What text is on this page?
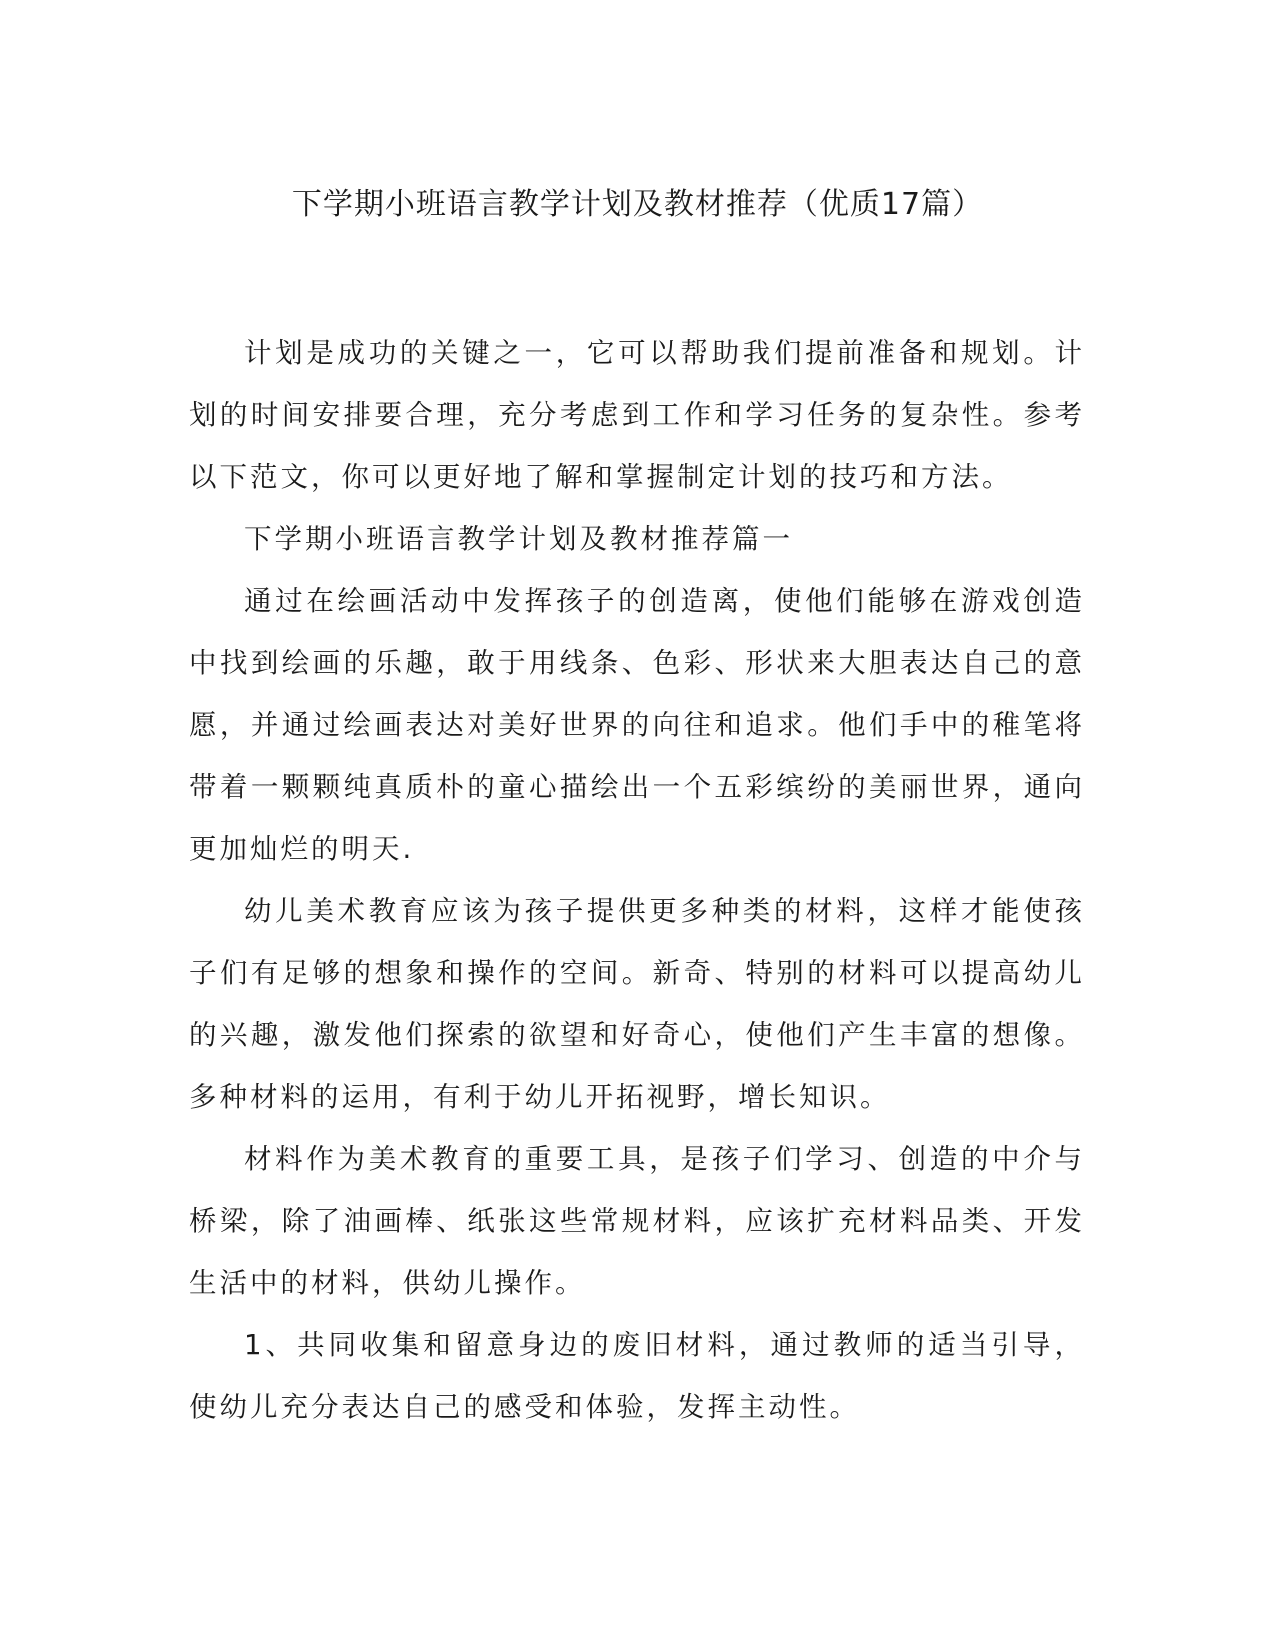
下学期小班语言教学计划及教材推荐（优质17篇）

计划是成功的关键之一，它可以帮助我们提前准备和规划。计划的时间安排要合理，充分考虑到工作和学习任务的复杂性。参考以下范文，你可以更好地了解和掌握制定计划的技巧和方法。

下学期小班语言教学计划及教材推荐篇一

通过在绘画活动中发挥孩子的创造离，使他们能够在游戏创造中找到绘画的乐趣，敢于用线条、色彩、形状来大胆表达自己的意愿，并通过绘画表达对美好世界的向往和追求。他们手中的稚笔将带着一颗颗纯真质朴的童心描绘出一个五彩缤纷的美丽世界，通向更加灿烂的明天.

幼儿美术教育应该为孩子提供更多种类的材料，这样才能使孩子们有足够的想象和操作的空间。新奇、特别的材料可以提高幼儿的兴趣，激发他们探索的欲望和好奇心，使他们产生丰富的想像。多种材料的运用，有利于幼儿开拓视野，增长知识。

材料作为美术教育的重要工具，是孩子们学习、创造的中介与桥梁，除了油画棒、纸张这些常规材料，应该扩充材料品类、开发生活中的材料，供幼儿操作。

1、共同收集和留意身边的废旧材料，通过教师的适当引导，使幼儿充分表达自己的感受和体验，发挥主动性。
